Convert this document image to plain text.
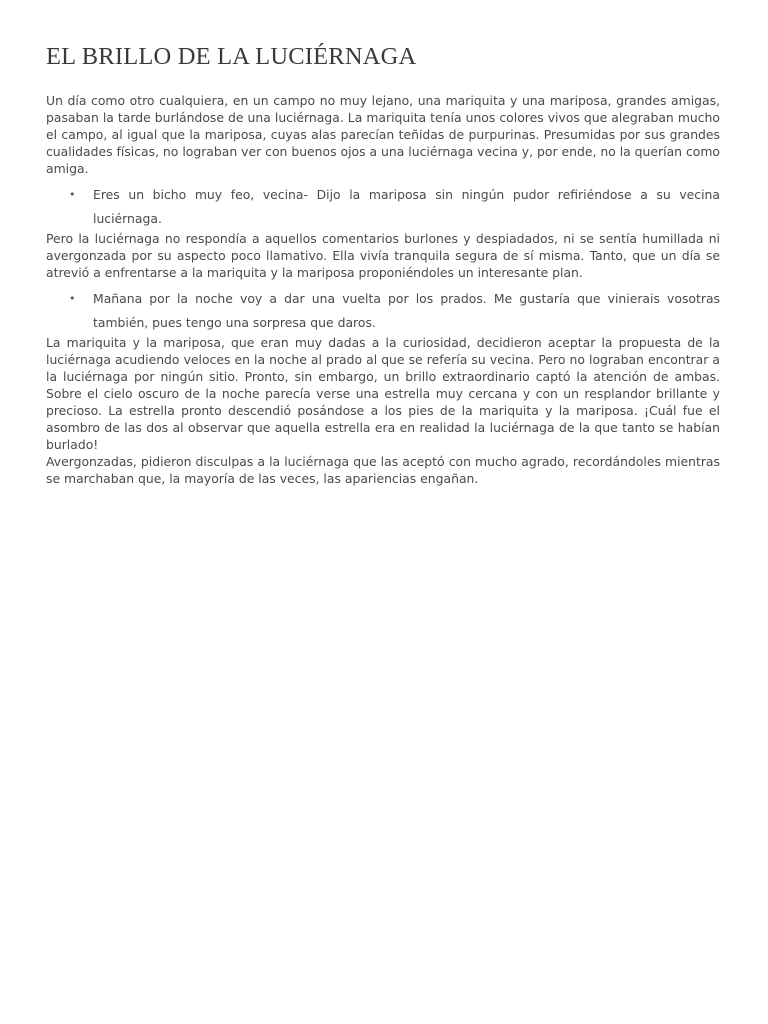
EL BRILLO DE LA LUCIÉRNAGA

Un día como otro cualquiera, en un campo no muy lejano, una mariquita y una mariposa, grandes amigas, pasaban la tarde burlándose de una luciérnaga. La mariquita tenía unos colores vivos que alegraban mucho el campo, al igual que la mariposa, cuyas alas parecían teñidas de purpurinas. Presumidas por sus grandes cualidades físicas, no lograban ver con buenos ojos a una luciérnaga vecina y, por ende, no la querían como amiga.

• Eres un bicho muy feo, vecina- Dijo la mariposa sin ningún pudor refiriéndose a su vecina luciérnaga.

Pero la luciérnaga no respondía a aquellos comentarios burlones y despiadados, ni se sentía humillada ni avergonzada por su aspecto poco llamativo. Ella vivía tranquila segura de sí misma. Tanto, que un día se atrevió a enfrentarse a la mariquita y la mariposa proponiéndoles un interesante plan.

• Mañana por la noche voy a dar una vuelta por los prados. Me gustaría que vinierais vosotras también, pues tengo una sorpresa que daros.

La mariquita y la mariposa, que eran muy dadas a la curiosidad, decidieron aceptar la propuesta de la luciérnaga acudiendo veloces en la noche al prado al que se refería su vecina. Pero no lograban encontrar a la luciérnaga por ningún sitio. Pronto, sin embargo, un brillo extraordinario captó la atención de ambas. Sobre el cielo oscuro de la noche parecía verse una estrella muy cercana y con un resplandor brillante y precioso. La estrella pronto descendió posándose a los pies de la mariquita y la mariposa. ¡Cuál fue el asombro de las dos al observar que aquella estrella era en realidad la luciérnaga de la que tanto se habían burlado!

Avergonzadas, pidieron disculpas a la luciérnaga que las aceptó con mucho agrado, recordándoles mientras se marchaban que, la mayoría de las veces, las apariencias engañan.
